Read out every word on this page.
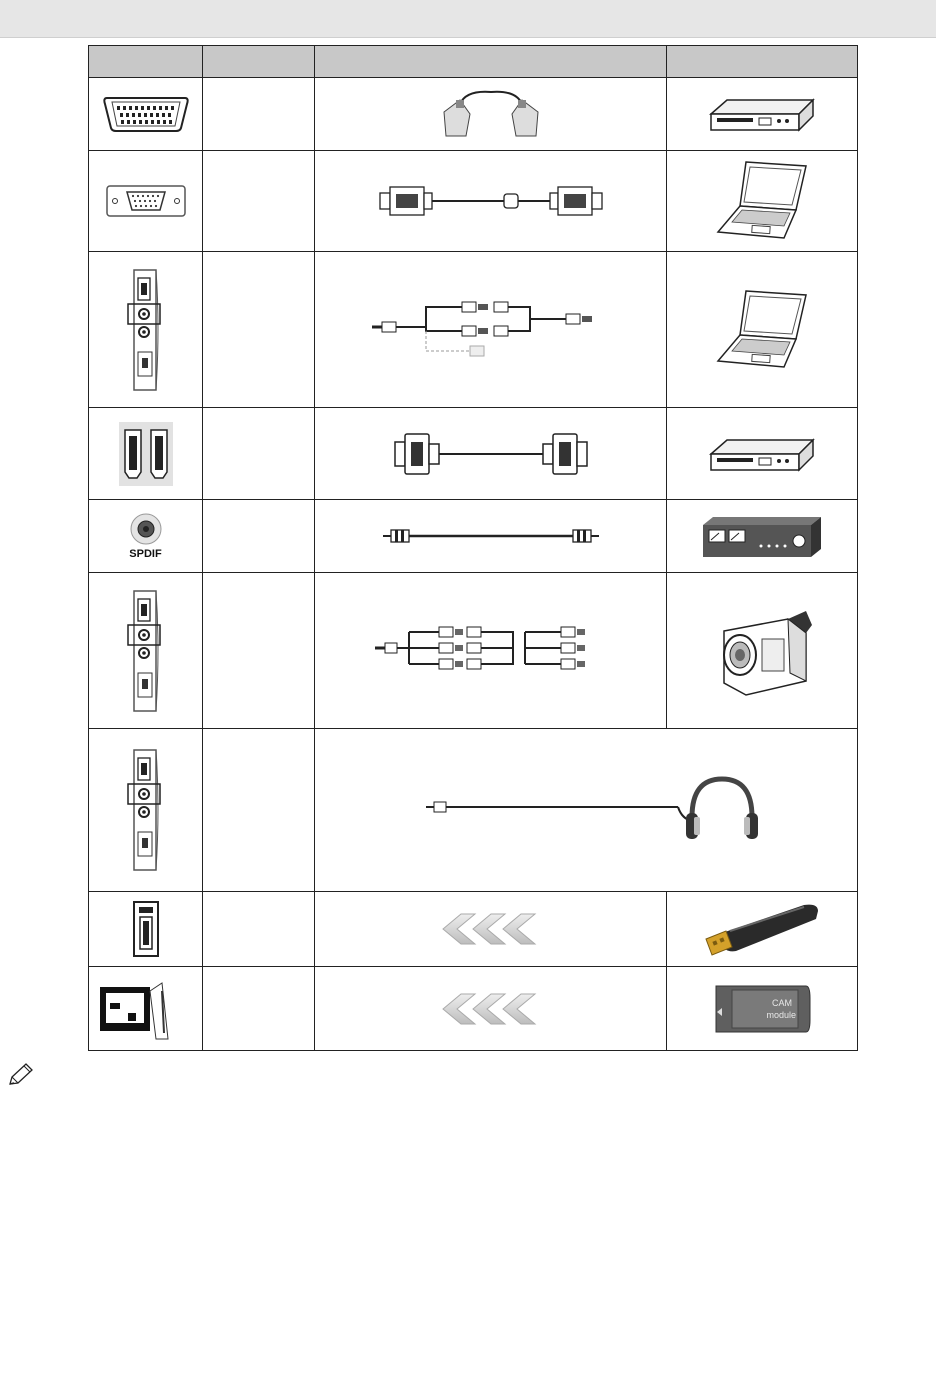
SPDIF

CAM
module
